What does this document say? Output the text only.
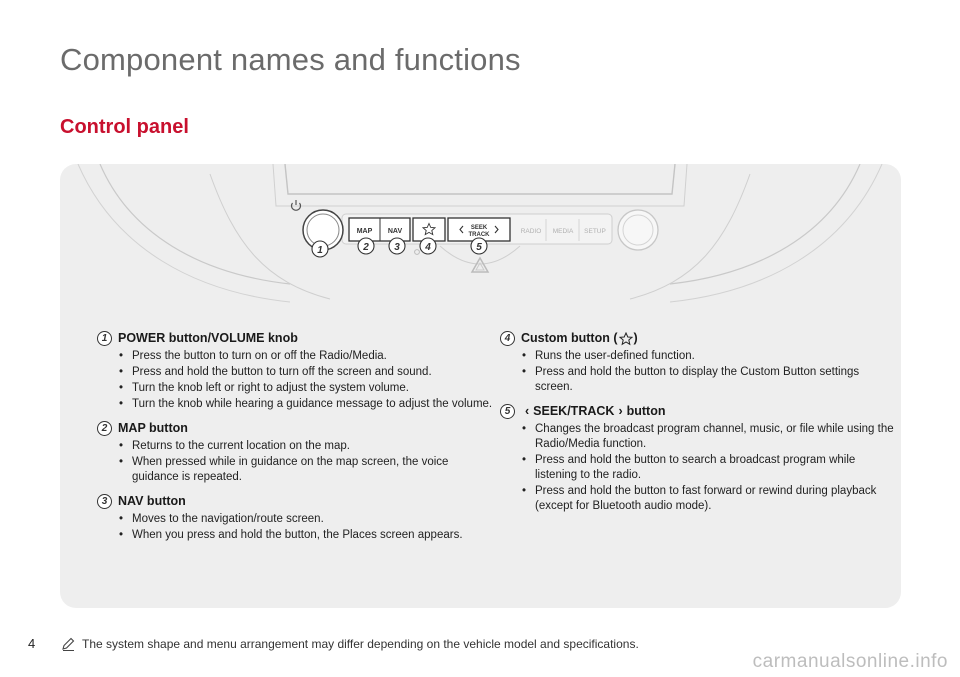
Component names and functions
Control panel
MAP NAV	SEEK
TRACK	RADIO MEDIA SETUP
1	2	3	4	5
1 POWER button/VOLUME knob
• Press the button to turn on or off the Radio/Media.
• Press and hold the button to turn off the screen and sound.
• Turn the knob left or right to adjust the system volume.
• Turn the knob while hearing a guidance message to adjust the volume.
2 MAP button
• Returns to the current location on the map.
• When pressed while in guidance on the map screen, the voice guidance is repeated.
3 NAV button
• Moves to the navigation/route screen.
• When you press and hold the button, the Places screen appears.
4 Custom button ( )
• Runs the user-defined function.
• Press and hold the button to display the Custom Button settings screen.
5	‹ SEEK/TRACK › button
• Changes the broadcast program channel, music, or file while using the Radio/Media function.
• Press and hold the button to search a broadcast program while listening to the radio.
• Press and hold the button to fast forward or rewind during playback (except for Bluetooth audio mode).
4	The system shape and menu arrangement may differ depending on the vehicle model and specifications.
carmanualsonline.info
